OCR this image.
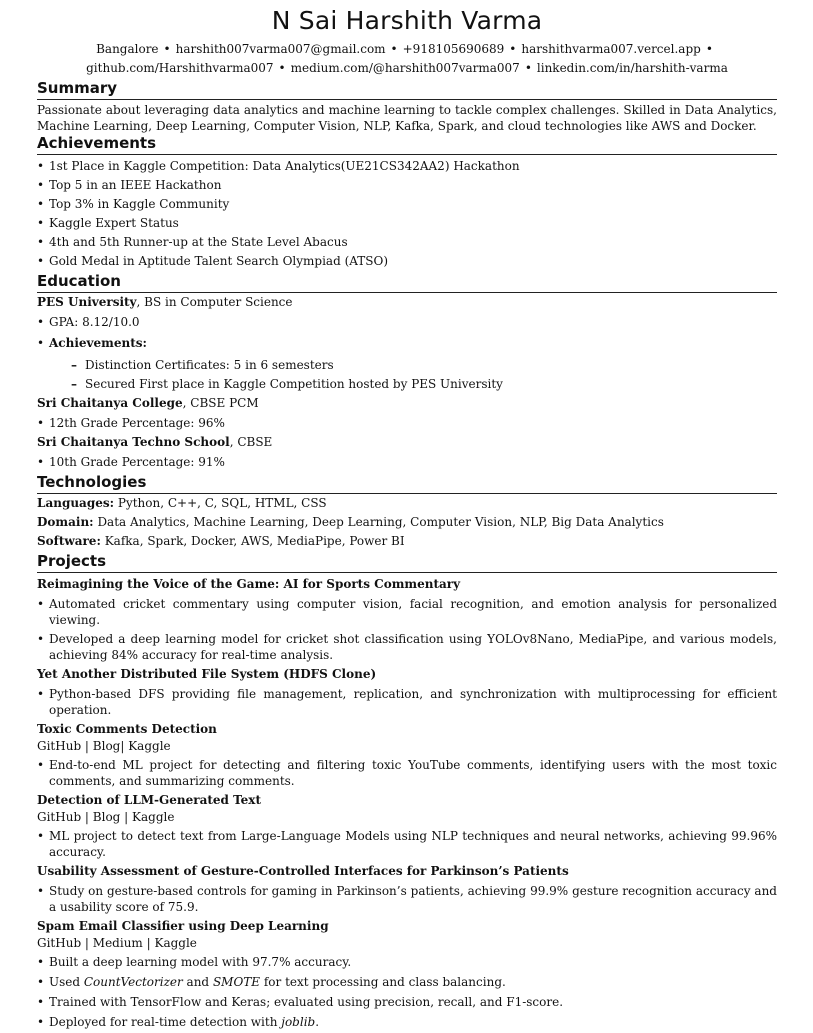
N Sai Harshith Varma
Bangalore • harshith007varma007@gmail.com • +918105690689 • harshithvarma007.vercel.app •
github.com/Harshithvarma007 • medium.com/@harshith007varma007 • linkedin.com/in/harshith-varma
Summary
Passionate about leveraging data analytics and machine learning to tackle complex challenges. Skilled in Data Analytics, Machine Learning, Deep Learning, Computer Vision, NLP, Kafka, Spark, and cloud technologies like AWS and Docker.
Achievements
• 1st Place in Kaggle Competition: Data Analytics(UE21CS342AA2) Hackathon
• Top 5 in an IEEE Hackathon
• Top 3% in Kaggle Community
• Kaggle Expert Status
• 4th and 5th Runner-up at the State Level Abacus
• Gold Medal in Aptitude Talent Search Olympiad (ATSO)
Education
PES University, BS in Computer Science
• GPA: 8.12/10.0
• Achievements:
– Distinction Certificates: 5 in 6 semesters
– Secured First place in Kaggle Competition hosted by PES University
Sri Chaitanya College, CBSE PCM
• 12th Grade Percentage: 96%
Sri Chaitanya Techno School, CBSE
• 10th Grade Percentage: 91%
Technologies
Languages: Python, C++, C, SQL, HTML, CSS
Domain: Data Analytics, Machine Learning, Deep Learning, Computer Vision, NLP, Big Data Analytics
Software: Kafka, Spark, Docker, AWS, MediaPipe, Power BI
Projects
Reimagining the Voice of the Game: AI for Sports Commentary
• Automated cricket commentary using computer vision, facial recognition, and emotion analysis for personalized viewing.
• Developed a deep learning model for cricket shot classification using YOLOv8Nano, MediaPipe, and various models, achieving 84% accuracy for real-time analysis.
Yet Another Distributed File System (HDFS Clone)
• Python-based DFS providing file management, replication, and synchronization with multiprocessing for efficient operation.
Toxic Comments Detection
GitHub | Blog| Kaggle
• End-to-end ML project for detecting and filtering toxic YouTube comments, identifying users with the most toxic comments, and summarizing comments.
Detection of LLM-Generated Text
GitHub | Blog | Kaggle
• ML project to detect text from Large-Language Models using NLP techniques and neural networks, achieving 99.96% accuracy.
Usability Assessment of Gesture-Controlled Interfaces for Parkinson’s Patients
• Study on gesture-based controls for gaming in Parkinson’s patients, achieving 99.9% gesture recognition accuracy and a usability score of 75.9.
Spam Email Classifier using Deep Learning
GitHub | Medium | Kaggle
• Built a deep learning model with 97.7% accuracy.
• Used CountVectorizer and SMOTE for text processing and class balancing.
• Trained with TensorFlow and Keras; evaluated using precision, recall, and F1-score.
• Deployed for real-time detection with joblib.
